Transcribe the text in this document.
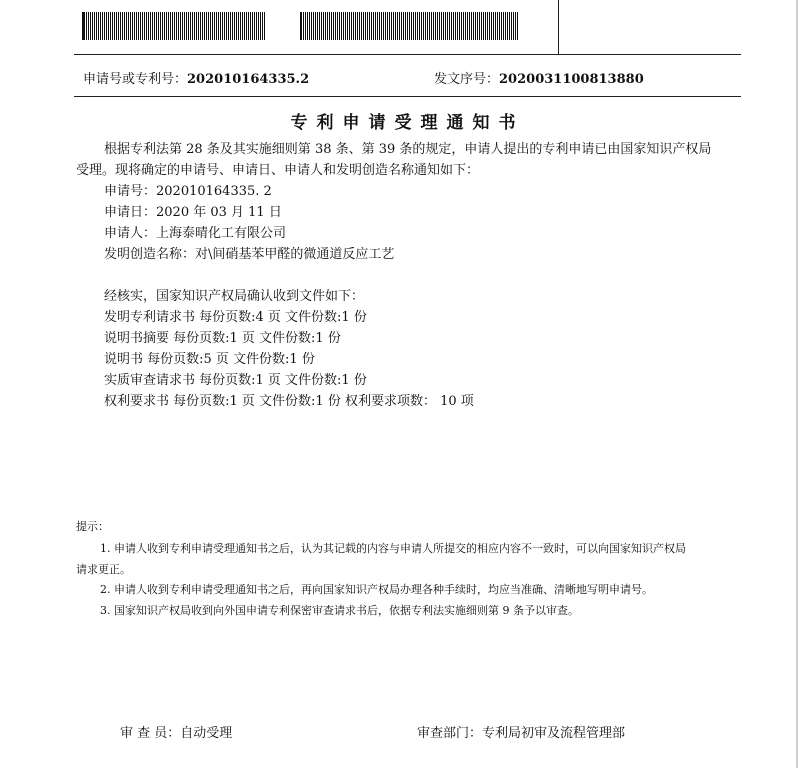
申请号或专利号：202010164335.2	发文序号：2020031100813880
专利申请受理通知书
根据专利法第 28 条及其实施细则第 38 条、第 39 条的规定，申请人提出的专利申请已由国家知识产权局
受理。现将确定的申请号、申请日、申请人和发明创造名称通知如下：
申请号：202010164335. 2
申请日：2020 年 03 月 11 日
申请人：上海泰晴化工有限公司
发明创造名称：对\间硝基苯甲醛的微通道反应工艺
经核实，国家知识产权局确认收到文件如下：
发明专利请求书 每份页数:4 页 文件份数:1 份
说明书摘要 每份页数:1 页 文件份数:1 份
说明书 每份页数:5 页 文件份数:1 份
实质审查请求书 每份页数:1 页 文件份数:1 份
权利要求书 每份页数:1 页 文件份数:1 份 权利要求项数： 10 项
提示：
1. 申请人收到专利申请受理通知书之后，认为其记载的内容与申请人所提交的相应内容不一致时，可以向国家知识产权局
请求更正。
2. 申请人收到专利申请受理通知书之后，再向国家知识产权局办理各种手续时，均应当准确、清晰地写明申请号。
3. 国家知识产权局收到向外国申请专利保密审查请求书后，依据专利法实施细则第 9 条予以审查。
审 查 员：自动受理	审查部门：专利局初审及流程管理部
